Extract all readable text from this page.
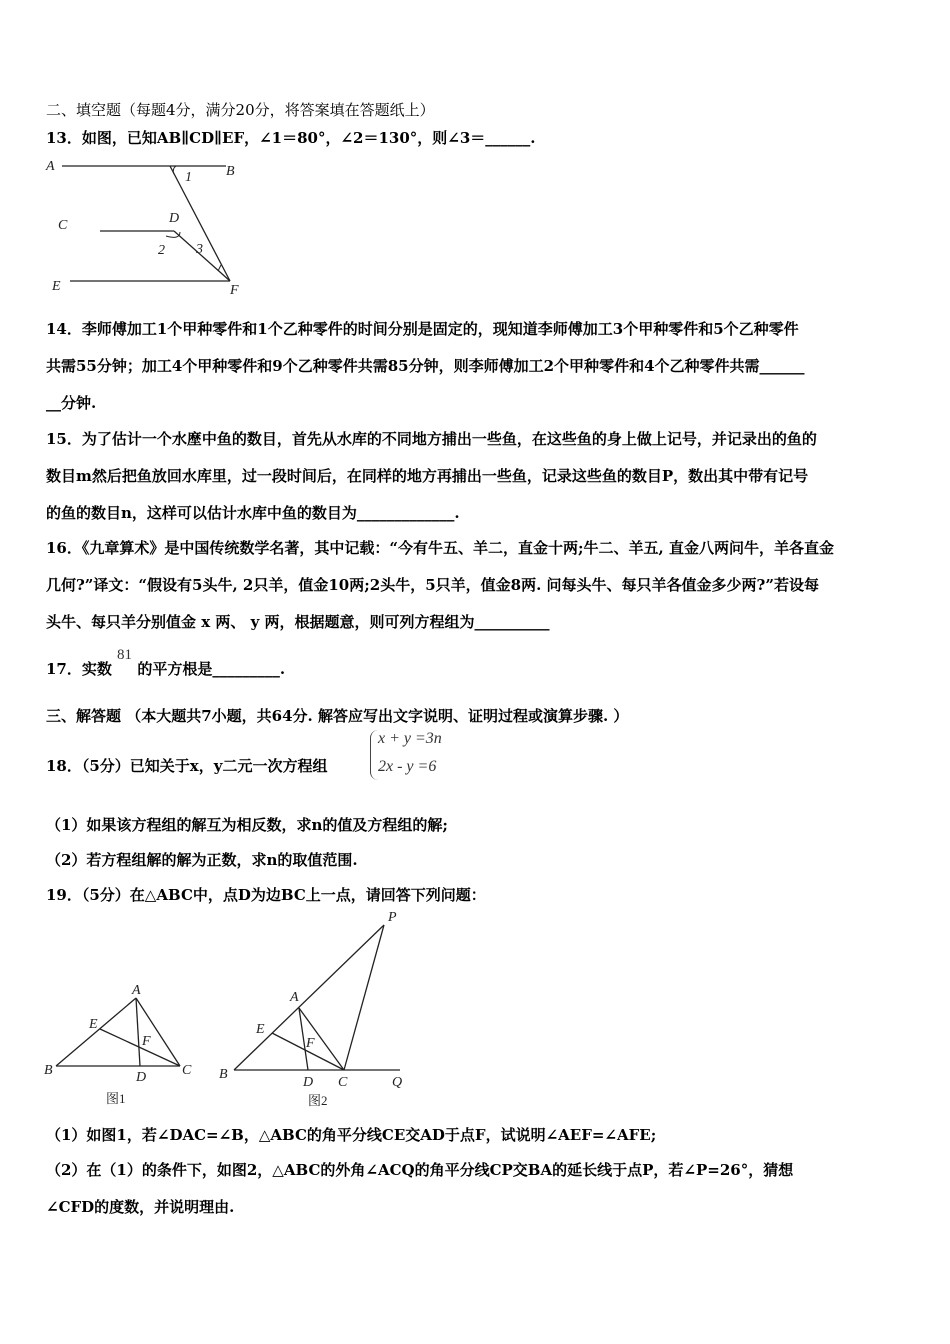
二、填空题（每题4分，满分20分，将答案填在答题纸上）
13．如图，已知AB∥CD∥EF，∠1＝80°，∠2＝130°，则∠3＝______.
A	B
1
C	D
2 3
E	F
14．李师傅加工1个甲种零件和1个乙种零件的时间分别是固定的，现知道李师傅加工3个甲种零件和5个乙种零件
共需55分钟；加工4个甲种零件和9个乙种零件共需85分钟，则李师傅加工2个甲种零件和4个乙种零件共需______
__分钟.
15．为了估计一个水塺中鱼的数目，首先从水库的不同地方捕出一些鱼，在这些鱼的身上做上记号，并记录出的鱼的
数目m然后把鱼放回水库里，过一段时间后，在同样的地方再捕出一些鱼，记录这些鱼的数目P，数出其中带有记号
的鱼的数目n，这样可以估计水库中鱼的数目为_____________.
16．《九章算术》是中国传统数学名著，其中记载：“今有牛五、羊二，直金十两;牛二、羊五, 直金八两问牛，羊各直金
几何?”译文：“假设有5头牛, 2只羊，值金10两;2头牛，5只羊，值金8两. 问每头牛、每只羊各值金多少两?”若设每
头牛、每只羊分别值金 x 两、 y 两，根据题意，则可列方程组为__________
17．实数 　 的平方根是_________.
81
三、解答题 （本大题共7小题，共64分. 解答应写出文字说明、证明过程或演算步骤. ）
18．（5分）已知关于x，y二元一次方程组
x + y =3n
2x - y =6
（1）如果该方程组的解互为相反数，求n的值及方程组的解;
（2）若方程组解的解为正数，求n的取值范围.
19．（5分）在△ABC中，点D为边BC上一点，请回答下列问题：
A
E
F
B	D	C
图1
P
A
E
F
B
D C	Q
图2
（1）如图1，若∠DAC=∠B，△ABC的角平分线CE交AD于点F，试说明∠AEF=∠AFE;
（2）在（1）的条件下，如图2，△ABC的外角∠ACQ的角平分线CP交BA的延长线于点P，若∠P=26°，猜想
∠CFD的度数，并说明理由.
